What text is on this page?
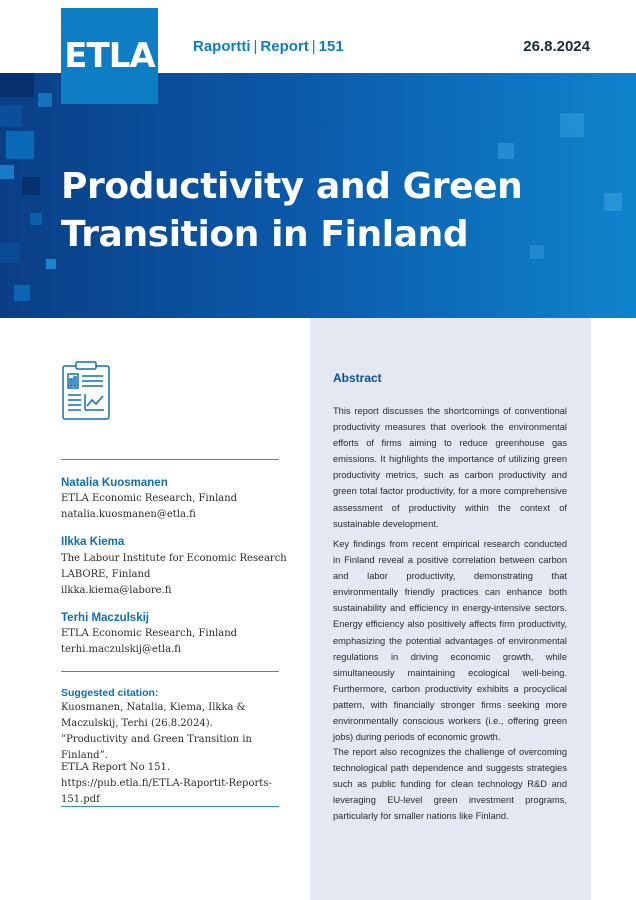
ETLA	Raportti | Report | 151	26.8.2024
Productivity and Green Transition in Finland
Natalia Kuosmanen
ETLA Economic Research, Finland
natalia.kuosmanen@etla.fi
Ilkka Kiema
The Labour Institute for Economic Research
LABORE, Finland
ilkka.kiema@labore.fi
Terhi Maczulskij
ETLA Economic Research, Finland
terhi.maczulskij@etla.fi
Suggested citation:
Kuosmanen, Natalia, Kiema, Ilkka & Maczulskij, Terhi (26.8.2024). ”Productivity and Green Transition in Finland”.
ETLA Report No 151.
https://pub.etla.fi/ETLA-Raportit-Reports-151.pdf
Abstract
This report discusses the shortcomings of conventional productivity measures that overlook the environmental efforts of firms aiming to reduce greenhouse gas emissions. It highlights the importance of utilizing green productivity metrics, such as carbon productivity and green total factor productivity, for a more comprehensive assessment of productivity within the context of sustainable development.
Key findings from recent empirical research conducted in Finland reveal a positive correlation between carbon and labor productivity, demonstrating that environmentally friendly practices can enhance both sustainability and efficiency in energy-intensive sectors. Energy efficiency also positively affects firm productivity, emphasizing the potential advantages of environmental regulations in driving economic growth, while simultaneously maintaining ecological well-being. Furthermore, carbon productivity exhibits a procyclical pattern, with financially stronger firms seeking more environmentally conscious workers (i.e., offering green jobs) during periods of economic growth.
The report also recognizes the challenge of overcoming technological path dependence and suggests strategies such as public funding for clean technology R&D and leveraging EU-level green investment programs, particularly for smaller nations like Finland.
